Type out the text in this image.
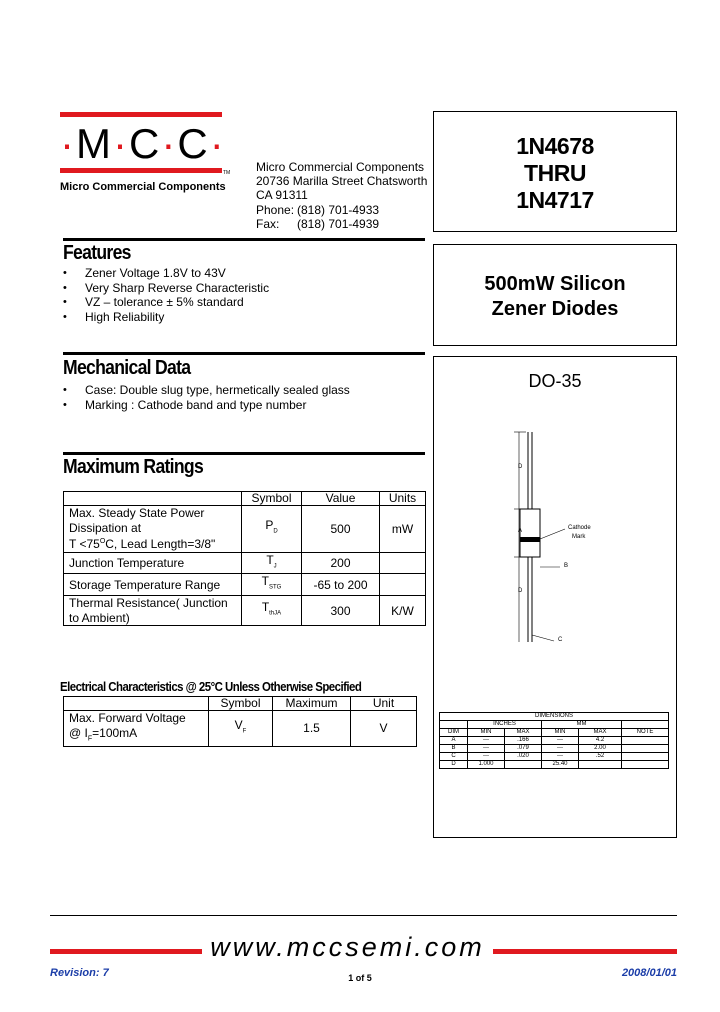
·M·C·C·
TM
Micro Commercial Components
Micro Commercial Components
20736 Marilla Street Chatsworth
CA 91311
Phone: (818) 701-4933
Fax: (818) 701-4939
1N4678
THRU
1N4717
500mW Silicon
Zener Diodes
DO-35
D
A	Cathode
Mark
B
D
C
Features
• Zener Voltage 1.8V to 43V
• Very Sharp Reverse Characteristic
• VZ – tolerance ± 5% standard
• High Reliability
Mechanical Data
• Case: Double slug type, hermetically sealed glass
• Marking : Cathode band and type number
Maximum Ratings
	Symbol	Value	Units

Max. Steady State Power
Dissipation at
$T <75^OC$, Lead Length=3/8"	$P_D$	500	mW
Junction Temperature	$T_J$	200	
Storage Temperature Range	$T_{STG}$	-65 to 200	

Thermal Resistance( Junction
to Ambient)	$T_{thJA}$	300	K/W
Electrical Characteristics @ 25°C Unless Otherwise Specified
	Symbol	Maximum	Unit

Max. Forward Voltage
@ $I_F=100mA$	$V_F$	1.5	V
DIMENSIONS					
	INCHES		MM		
DIM	MIN	MAX	MIN	MAX	NOTE
A	---	.166	---	4.2	
B	---	.079	---	2.00	
C	---	.020	---	.52	
D	1.000		25.40		
www.mccsemi.com
Revision: 7	1 of 5	2008/01/01
